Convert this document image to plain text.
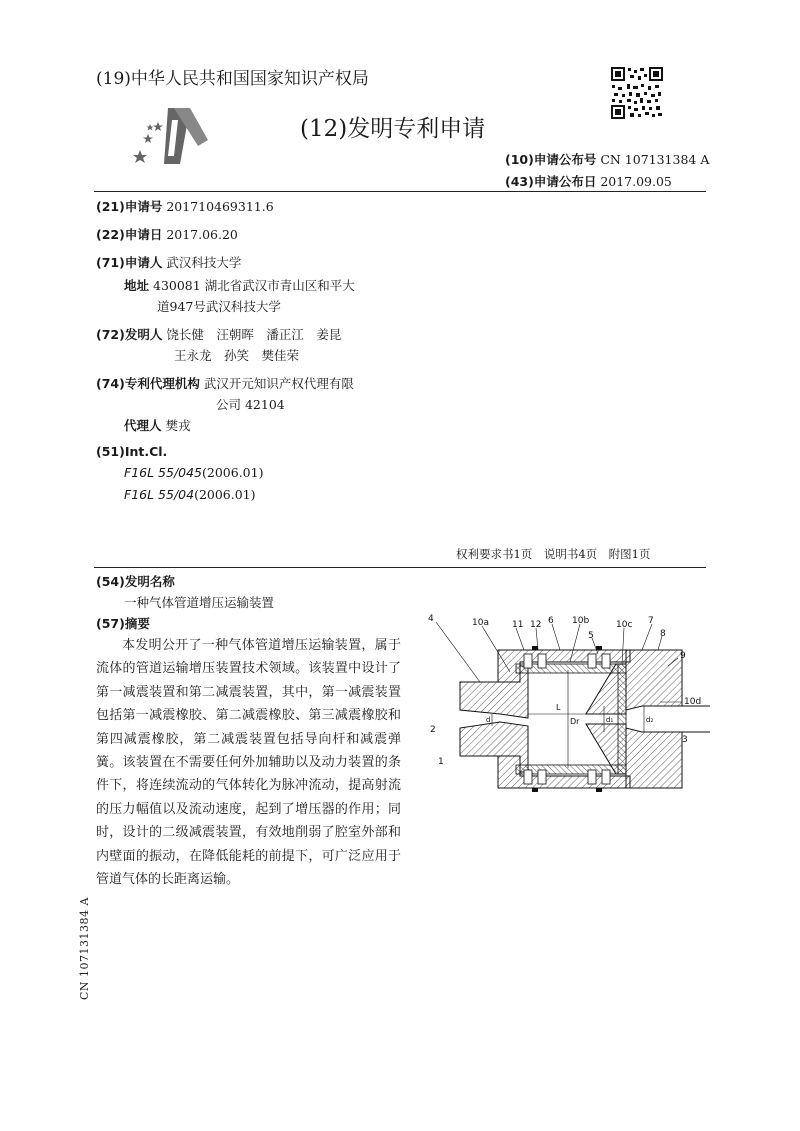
(19)中华人民共和国国家知识产权局
(12)发明专利申请
(10)申请公布号 CN 107131384 A
(43)申请公布日 2017.09.05
(21)申请号 201710469311.6
(22)申请日 2017.06.20
(71)申请人 武汉科技大学
地址 430081 湖北省武汉市青山区和平大
道947号武汉科技大学
(72)发明人 饶长健　汪朝晖　潘正江　姜昆
王永龙　孙笑　樊佳荣
(74)专利代理机构 武汉开元知识产权代理有限
公司 42104
代理人 樊戎
(51)Int.Cl.
F16L 55/045(2006.01)
F16L 55/04(2006.01)
权利要求书1页　说明书4页　附图1页
(54)发明名称
一种气体管道增压运输装置
(57)摘要
本发明公开了一种气体管道增压运输装置，属于流体的管道运输增压装置技术领域。该装置中设计了第一减震装置和第二减震装置，其中，第一减震装置包括第一减震橡胶、第二减震橡胶、第三减震橡胶和第四减震橡胶，第二减震装置包括导向杆和减震弹簧。该装置在不需要任何外加辅助以及动力装置的条件下，将连续流动的气体转化为脉冲流动，提高射流的压力幅值以及流动速度，起到了增压器的作用；同时，设计的二级减震装置，有效地削弱了腔室外部和内壁面的振动，在降低能耗的前提下，可广泛应用于管道气体的长距离运输。
CN 107131384 A
4	10a	11 12 6 10b
5
10c 7
8
9
10d
2
1
3
L
Dr
d	d₁	d₂
